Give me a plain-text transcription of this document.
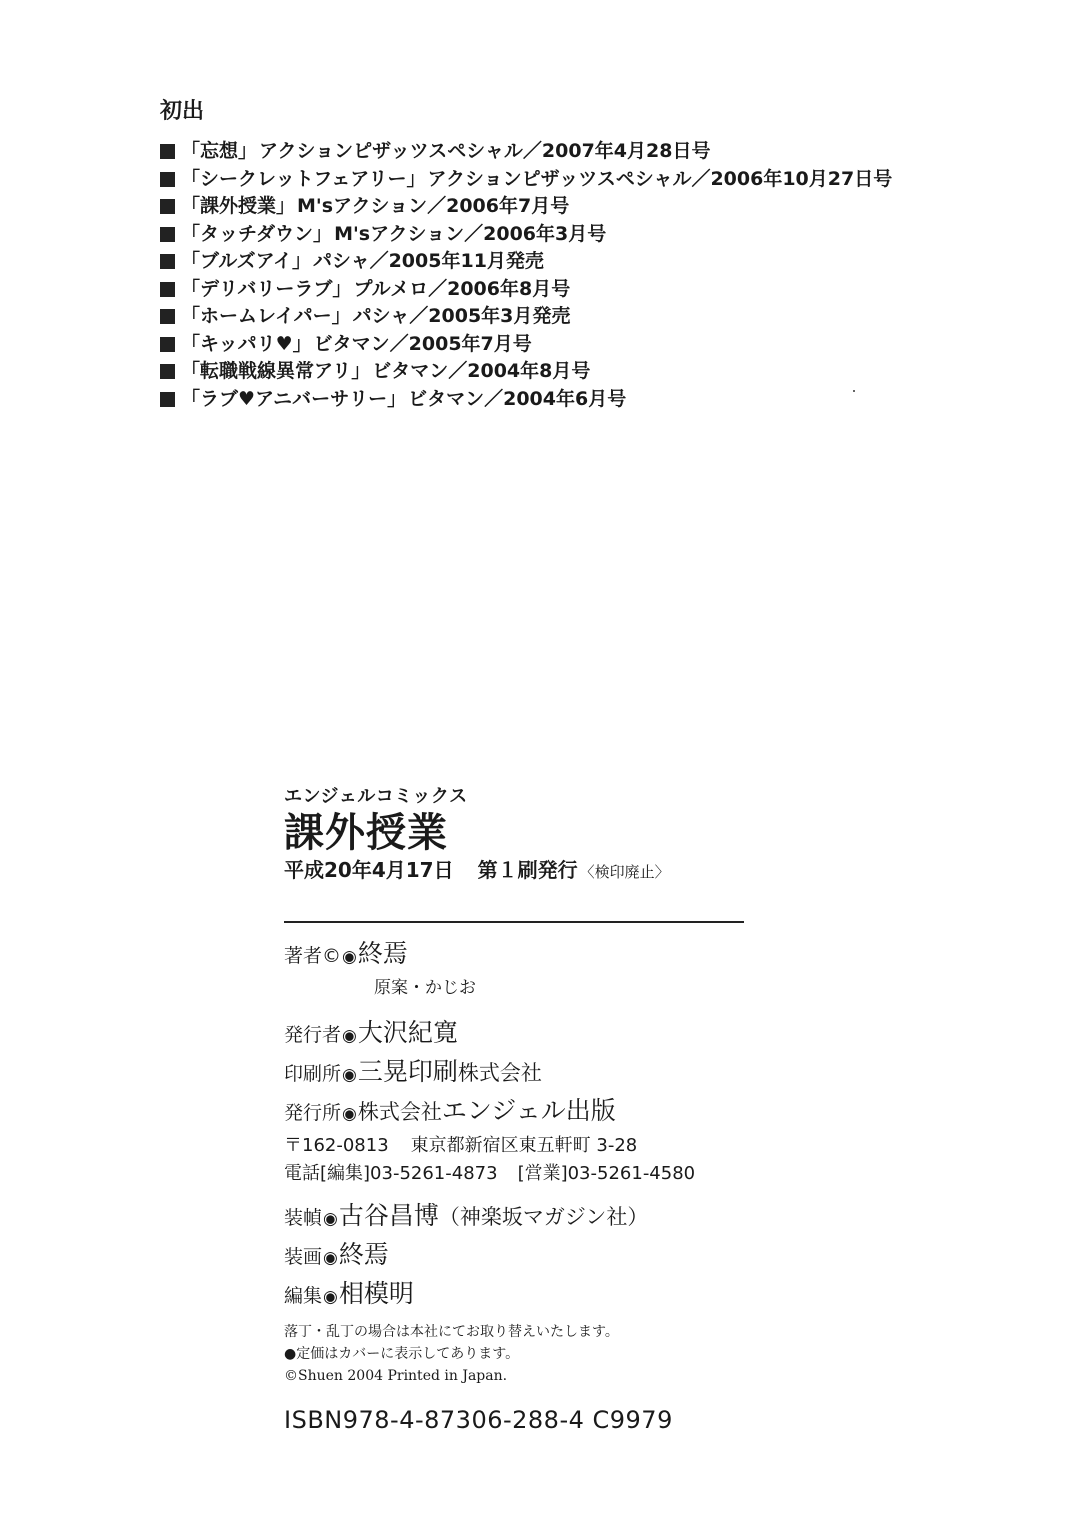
初出
「忘想」 アクションピザッツスペシャル／2007年4月28日号
「シークレットフェアリー」 アクションピザッツスペシャル／2006年10月27日号
「課外授業」 M'sアクション／2006年7月号
「タッチダウン」 M'sアクション／2006年3月号
「ブルズアイ」 パシャ／2005年11月発売
「デリバリーラブ」 プルメロ／2006年8月号
「ホームレイパー」 パシャ／2005年3月発売
「キッパリ♥」 ビタマン／2005年7月号
「転職戦線異常アリ」 ビタマン／2004年8月号
「ラブ♥アニバーサリー」 ビタマン／2004年6月号
エンジェルコミックス
課外授業
平成20年4月17日 第１刷発行 〈検印廃止〉
著者© ◉ 終焉
原案・かじお
発行者 ◉ 大沢紀寛
印刷所 ◉ 三晃印刷 株式会社
発行所 ◉ 株式会社 エンジェル出版
〒162-0813 東京都新宿区東五軒町 3-28
電話[編集]03-5261-4873 [営業]03-5261-4580
装幀 ◉ 古谷昌博 （神楽坂マガジン社）
装画 ◉ 終焉
編集 ◉ 相模明
落丁・乱丁の場合は本社にてお取り替えいたします。
●定価はカバーに表示してあります。
©Shuen 2004 Printed in Japan.
ISBN978-4-87306-288-4 C9979
